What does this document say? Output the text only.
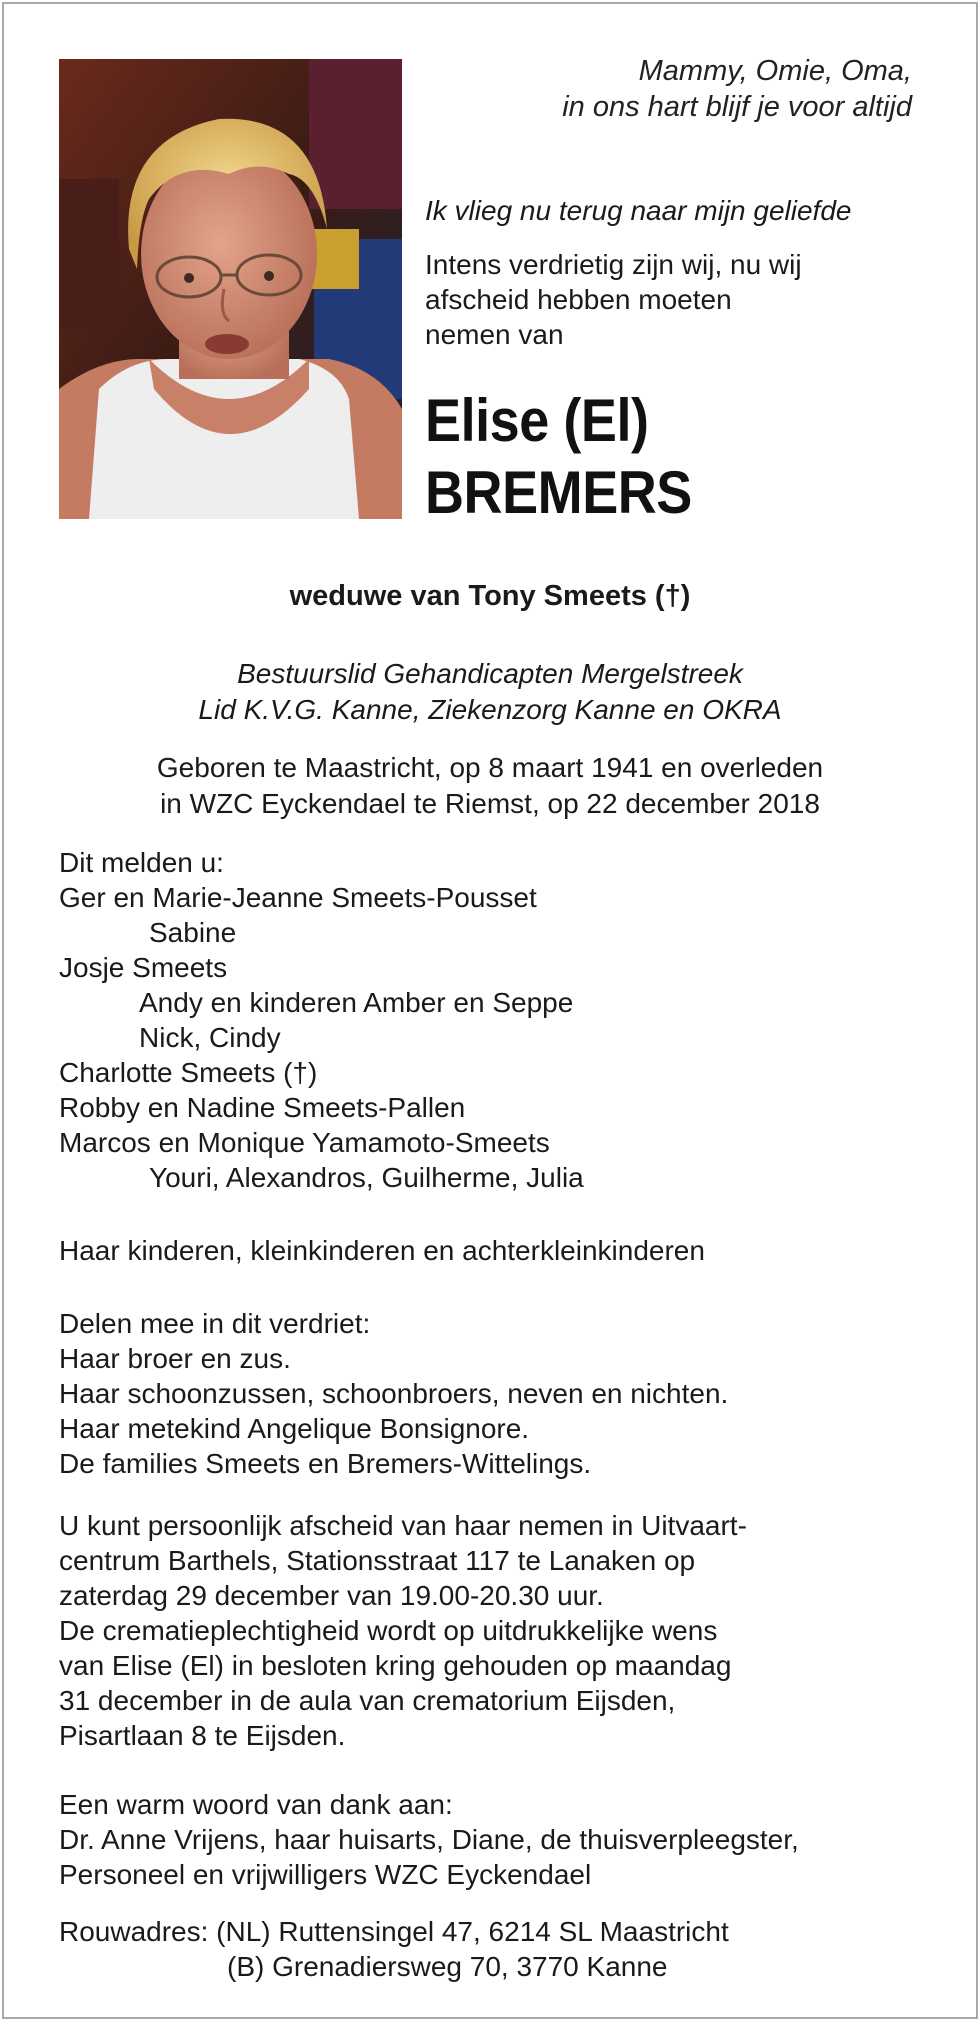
Mammy, Omie, Oma,
in ons hart blijf je voor altijd
Ik vlieg nu terug naar mijn geliefde
Intens verdrietig zijn wij, nu wij
afscheid hebben moeten
nemen van
Elise (El)
BREMERS
weduwe van Tony Smeets (†)
Bestuurslid Gehandicapten Mergelstreek
Lid K.V.G. Kanne, Ziekenzorg Kanne en OKRA
Geboren te Maastricht, op 8 maart 1941 en overleden
in WZC Eyckendael te Riemst, op 22 december 2018
Dit melden u:
Ger en Marie-Jeanne Smeets-Pousset
Sabine
Josje Smeets
Andy en kinderen Amber en Seppe
Nick, Cindy
Charlotte Smeets (†)
Robby en Nadine Smeets-Pallen
Marcos en Monique Yamamoto-Smeets
Youri, Alexandros, Guilherme, Julia
Haar kinderen, kleinkinderen en achterkleinkinderen
Delen mee in dit verdriet:
Haar broer en zus.
Haar schoonzussen, schoonbroers, neven en nichten.
Haar metekind Angelique Bonsignore.
De families Smeets en Bremers-Wittelings.
U kunt persoonlijk afscheid van haar nemen in Uitvaart-
centrum Barthels, Stationsstraat 117 te Lanaken op
zaterdag 29 december van 19.00-20.30 uur.
De crematieplechtigheid wordt op uitdrukkelijke wens
van Elise (El) in besloten kring gehouden op maandag
31 december in de aula van crematorium Eijsden,
Pisartlaan 8 te Eijsden.
Een warm woord van dank aan:
Dr. Anne Vrijens, haar huisarts, Diane, de thuisverpleegster,
Personeel en vrijwilligers WZC Eyckendael
Rouwadres: (NL) Ruttensingel 47, 6214 SL Maastricht
(B) Grenadiersweg 70, 3770 Kanne
